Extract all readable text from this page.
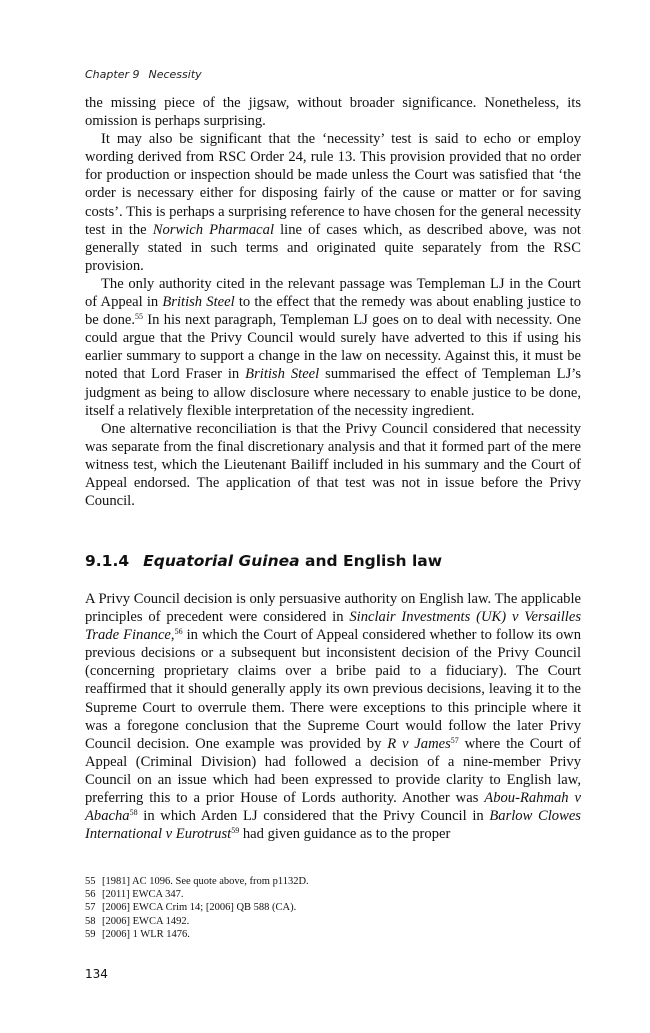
Chapter 9 Necessity

the missing piece of the jigsaw, without broader significance. Nonetheless, its omission is perhaps surprising.

It may also be significant that the ‘necessity’ test is said to echo or employ wording derived from RSC Order 24, rule 13. This provision provided that no order for production or inspection should be made unless the Court was satisfied that ‘the order is necessary either for disposing fairly of the cause or matter or for saving costs’. This is perhaps a surprising reference to have chosen for the general necessity test in the Norwich Pharmacal line of cases which, as described above, was not generally stated in such terms and originated quite separately from the RSC provision.

The only authority cited in the relevant passage was Templeman LJ in the Court of Appeal in British Steel to the effect that the remedy was about enabling justice to be done.$^{55}$ In his next paragraph, Templeman LJ goes on to deal with necessity. One could argue that the Privy Council would surely have adverted to this if using his earlier summary to support a change in the law on necessity. Against this, it must be noted that Lord Fraser in British Steel summarised the effect of Templeman LJ’s judgment as being to allow disclosure where necessary to enable justice to be done, itself a relatively flexible interpretation of the necessity ingredient.

One alternative reconciliation is that the Privy Council considered that necessity was separate from the final discretionary analysis and that it formed part of the mere witness test, which the Lieutenant Bailiff included in his summary and the Court of Appeal endorsed. The application of that test was not in issue before the Privy Council.

9.1.4 Equatorial Guinea and English law

A Privy Council decision is only persuasive authority on English law. The applicable principles of precedent were considered in Sinclair Investments (UK) v Versailles Trade Finance,$^{56}$ in which the Court of Appeal considered whether to follow its own previous decisions or a subsequent but inconsistent decision of the Privy Council (concerning proprietary claims over a bribe paid to a fiduciary). The Court reaffirmed that it should generally apply its own previous decisions, leaving it to the Supreme Court to overrule them. There were exceptions to this principle where it was a foregone conclusion that the Supreme Court would follow the later Privy Council decision. One example was provided by R v James$^{57}$ where the Court of Appeal (Criminal Division) had followed a decision of a nine-member Privy Council on an issue which had been expressed to provide clarity to English law, preferring this to a prior House of Lords authority. Another was Abou-Rahmah v Abacha$^{58}$ in which Arden LJ considered that the Privy Council in Barlow Clowes International v Eurotrust$^{59}$ had given guidance as to the proper

55 [1981] AC 1096. See quote above, from p1132D.
56 [2011] EWCA 347.
57 [2006] EWCA Crim 14; [2006] QB 588 (CA).
58 [2006] EWCA 1492.
59 [2006] 1 WLR 1476.
134
